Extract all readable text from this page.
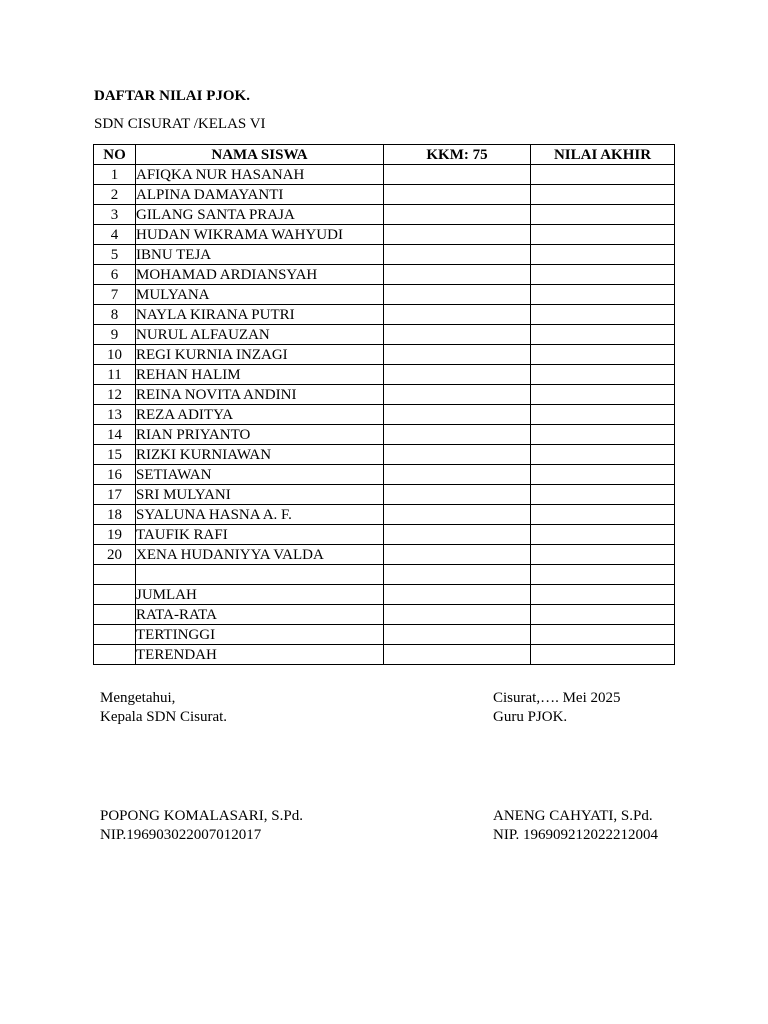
DAFTAR NILAI PJOK.
SDN CISURAT /KELAS VI
NO	NAMA SISWA	KKM: 75	NILAI AKHIR
1	AFIQKA NUR HASANAH		
2	ALPINA DAMAYANTI		
3	GILANG SANTA PRAJA		
4	HUDAN WIKRAMA WAHYUDI		
5	IBNU TEJA		
6	MOHAMAD ARDIANSYAH		
7	MULYANA		
8	NAYLA KIRANA PUTRI		
9	NURUL ALFAUZAN		
10	REGI KURNIA INZAGI		
11	REHAN HALIM		
12	REINA NOVITA ANDINI		
13	REZA ADITYA		
14	RIAN PRIYANTO		
15	RIZKI KURNIAWAN		
16	SETIAWAN		
17	SRI MULYANI		
18	SYALUNA HASNA A. F.		
19	TAUFIK RAFI		
20	XENA HUDANIYYA VALDA		

	JUMLAH		
	RATA-RATA		
	TERTINGGI		
	TERENDAH		
Mengetahui,
Kepala SDN Cisurat.
Cisurat,…. Mei 2025
Guru PJOK.
POPONG KOMALASARI, S.Pd.
NIP.196903022007012017
ANENG CAHYATI, S.Pd.
NIP. 196909212022212004
